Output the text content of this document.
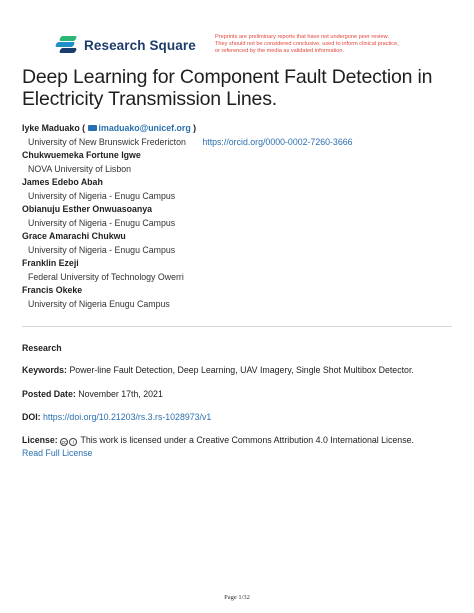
Research Square
Preprints are preliminary reports that have not undergone peer review.
They should not be considered conclusive, used to inform clinical practice,
or referenced by the media as validated information.
Deep Learning for Component Fault Detection in
Electricity Transmission Lines.
Iyke Maduako ( imaduako@unicef.org )
University of New Brunswick Fredericton https://orcid.org/0000-0002-7260-3666
Chukwuemeka Fortune Igwe
NOVA University of Lisbon
James Edebo Abah
University of Nigeria - Enugu Campus
Obianuju Esther Onwuasoanya
University of Nigeria - Enugu Campus
Grace Amarachi Chukwu
University of Nigeria - Enugu Campus
Franklin Ezeji
Federal University of Technology Owerri
Francis Okeke
University of Nigeria Enugu Campus
Research
Keywords: Power-line Fault Detection, Deep Learning, UAV Imagery, Single Shot Multibox Detector.
Posted Date: November 17th, 2021
DOI: https://doi.org/10.21203/rs.3.rs-1028973/v1
License: cc i This work is licensed under a Creative Commons Attribution 4.0 International License.
Read Full License
Page 1/32
